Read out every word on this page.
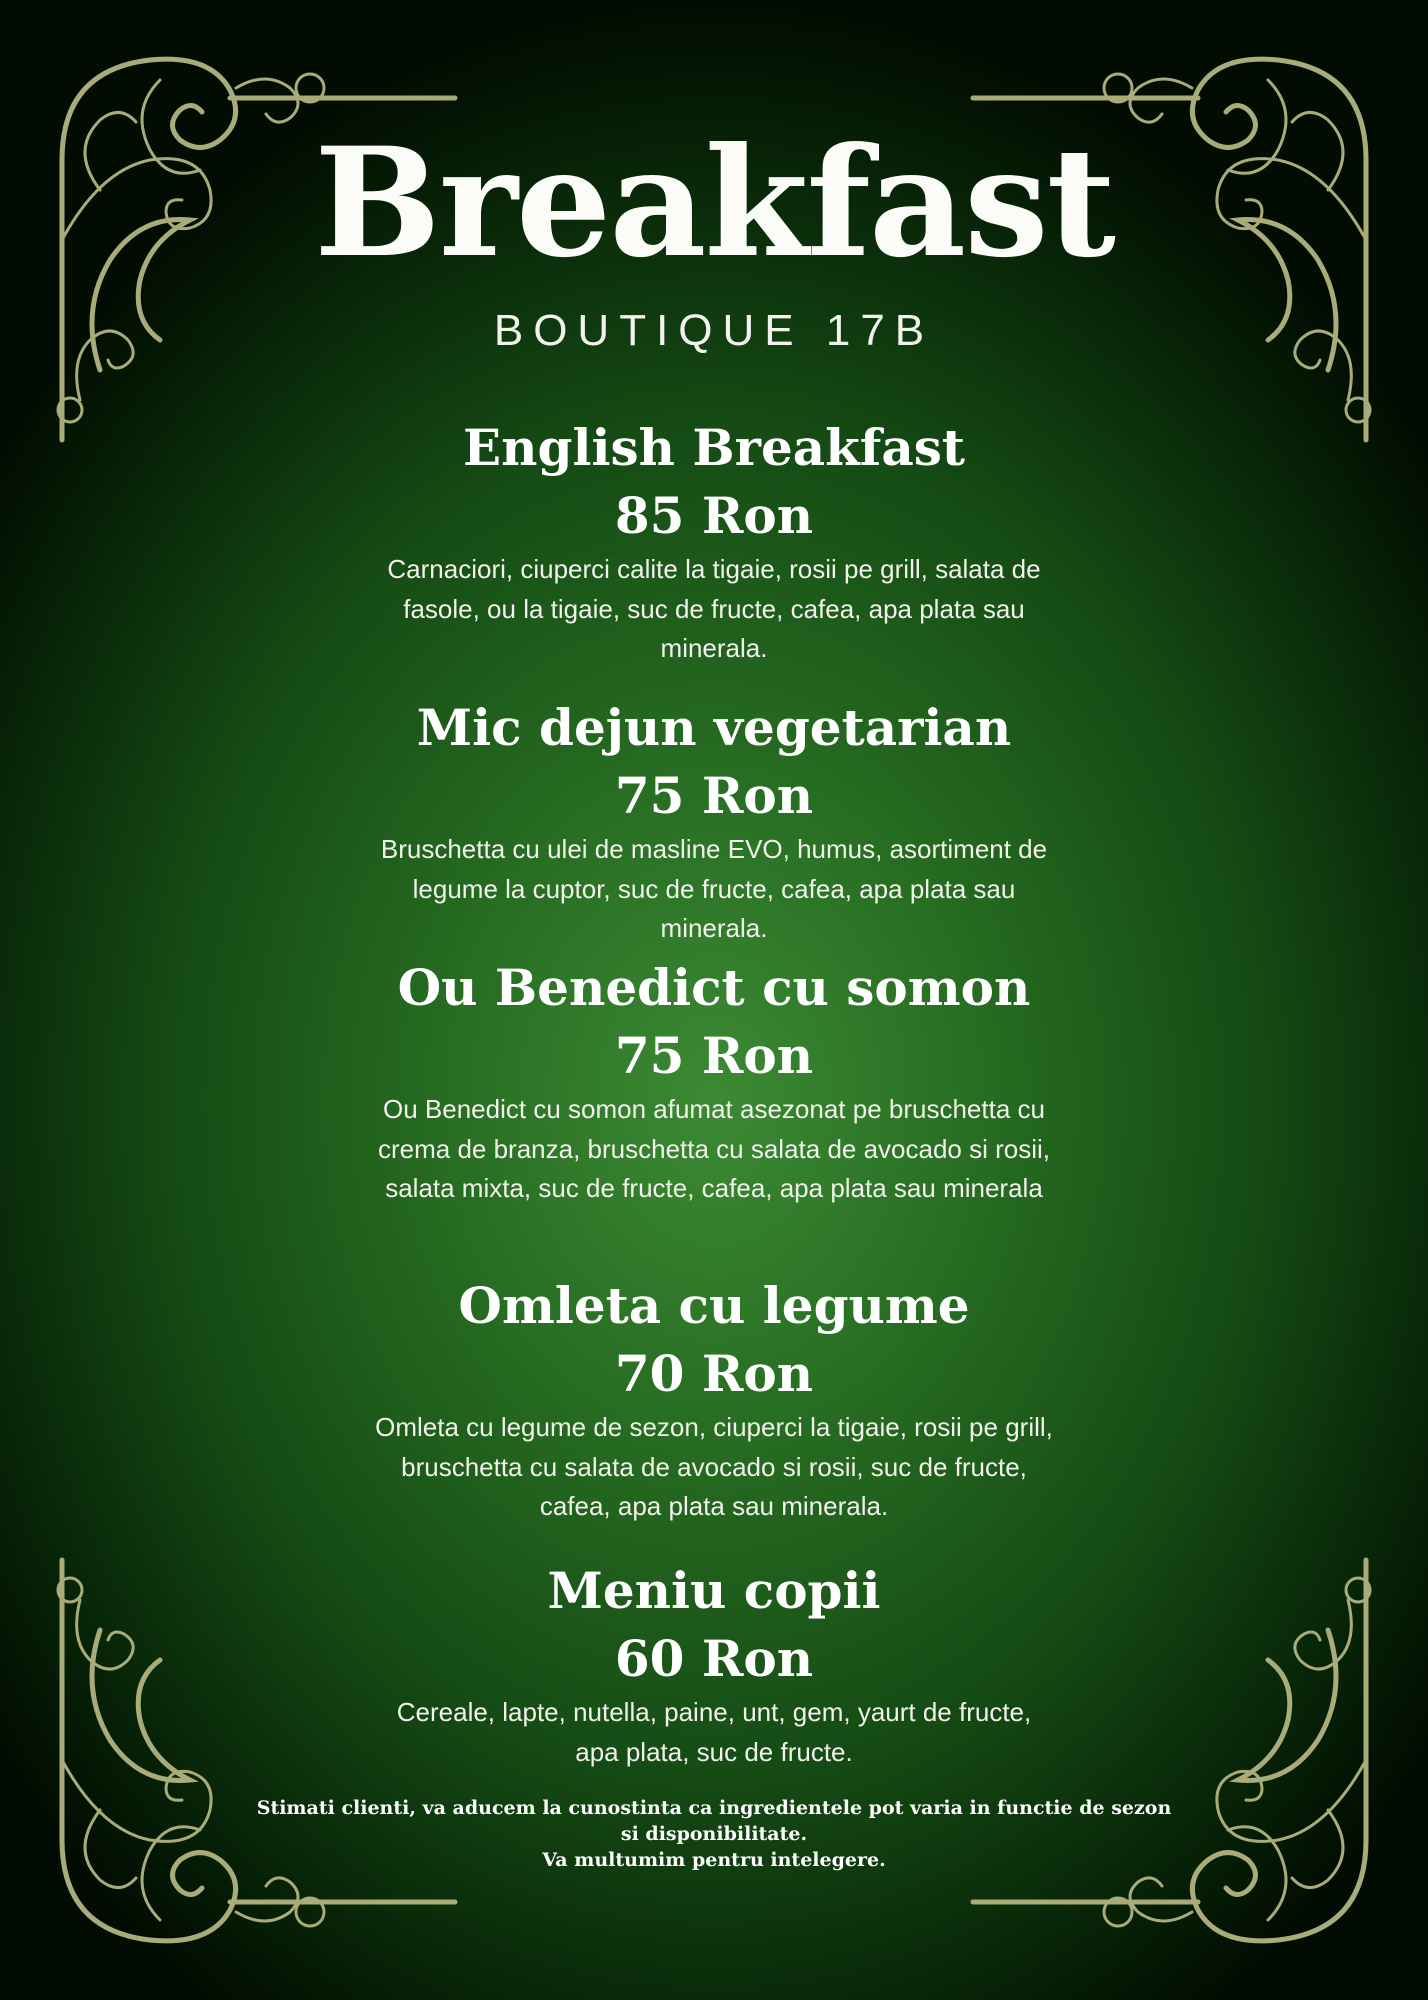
Breakfast
BOUTIQUE 17B
English Breakfast
85 Ron
Carnaciori, ciuperci calite la tigaie, rosii pe grill, salata de fasole, ou la tigaie, suc de fructe, cafea, apa plata sau minerala.
Mic dejun vegetarian
75 Ron
Bruschetta cu ulei de masline EVO, humus, asortiment de legume la cuptor, suc de fructe, cafea, apa plata sau minerala.
Ou Benedict cu somon
75 Ron
Ou Benedict cu somon afumat asezonat pe bruschetta cu crema de branza, bruschetta cu salata de avocado si rosii, salata mixta, suc de fructe, cafea, apa plata sau minerala
Omleta cu legume
70 Ron
Omleta cu legume de sezon, ciuperci la tigaie, rosii pe grill, bruschetta cu salata de avocado si rosii, suc de fructe, cafea, apa plata sau minerala.
Meniu copii
60 Ron
Cereale, lapte, nutella, paine, unt, gem, yaurt de fructe, apa plata, suc de fructe.
Stimati clienti, va aducem la cunostinta ca ingredientele pot varia in functie de sezon si disponibilitate.
Va multumim pentru intelegere.
